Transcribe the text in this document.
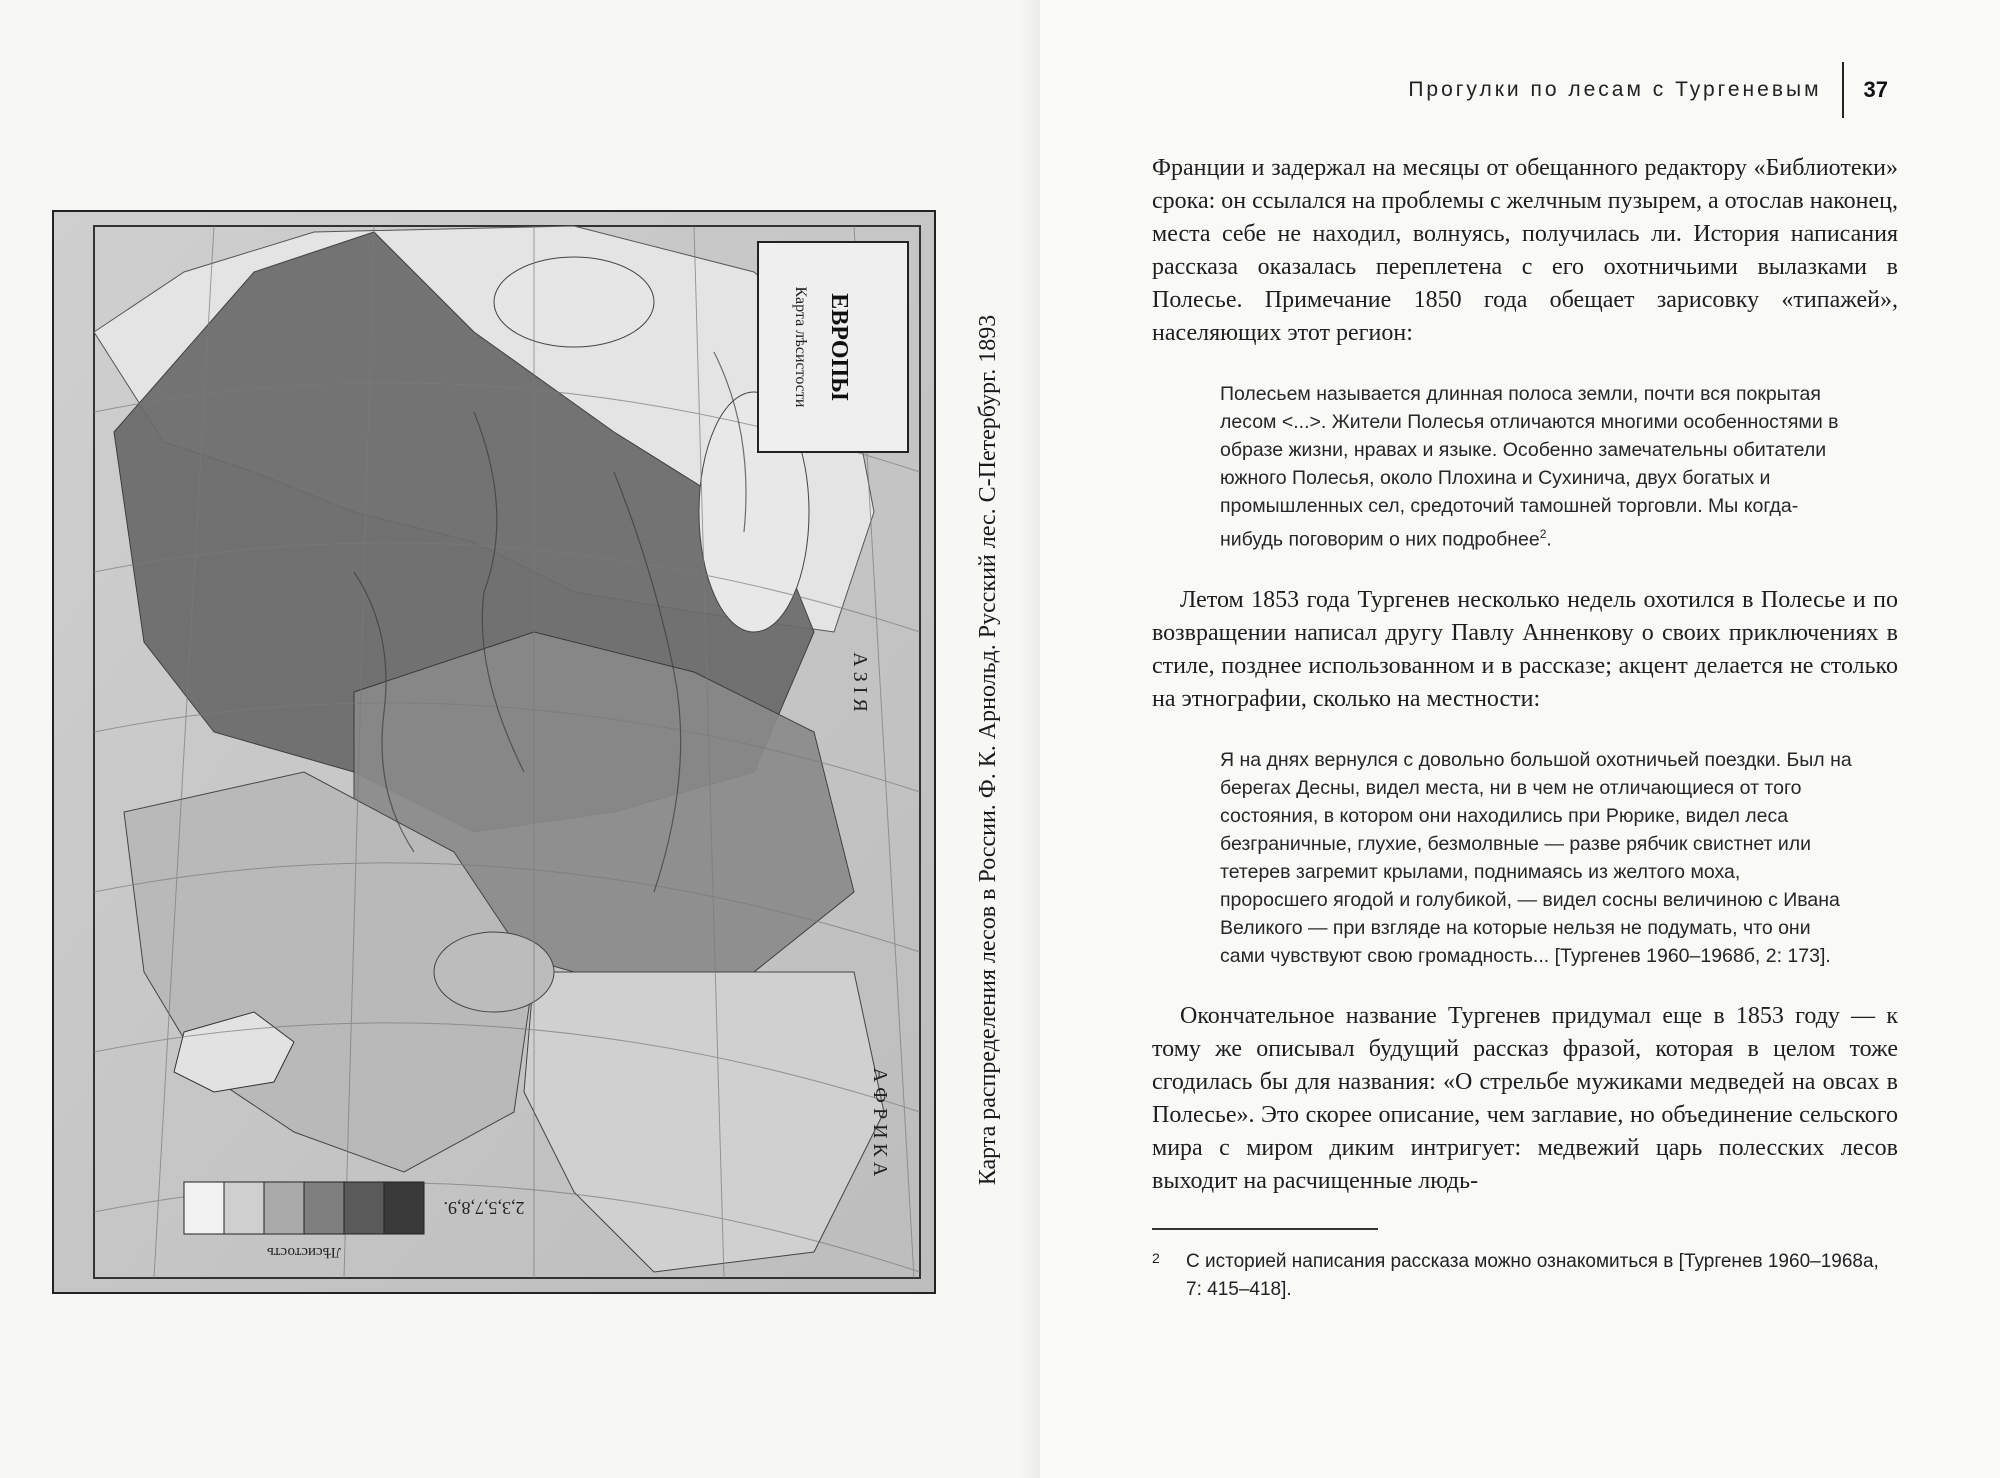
Карта лѣсистости ЕВРОПЫ
А З І Я
А Ф Р И К А
Лѣсистость
2,3,5,7,8,9.
Карта распределения лесов в России. Ф. К. Арнольд. Русский лес. С-Петербург. 1893
Прогулки по лесам с Тургеневым 37

Франции и задержал на месяцы от обещанного редактору «Библиотеки» срока: он ссылался на проблемы с желчным пузырем, а отослав наконец, места себе не находил, волнуясь, получилась ли. История написания рассказа оказалась переплетена с его охотничьими вылазками в Полесье. Примечание 1850 года обещает зарисовку «типажей», населяющих этот регион:

Полесьем называется длинная полоса земли, почти вся покрытая лесом <...>. Жители Полесья отличаются многими особенностями в образе жизни, нравах и языке. Особенно замечательны обитатели южного Полесья, около Плохина и Сухинича, двух богатых и промышленных сел, средоточий тамошней торговли. Мы когда-нибудь поговорим о них подробнее$^2$.

Летом 1853 года Тургенев несколько недель охотился в Полесье и по возвращении написал другу Павлу Анненкову о своих приключениях в стиле, позднее использованном и в рассказе; акцент делается не столько на этнографии, сколько на местности:

Я на днях вернулся с довольно большой охотничьей поездки. Был на берегах Десны, видел места, ни в чем не отличающиеся от того состояния, в котором они находились при Рюрике, видел леса безграничные, глухие, безмолвные — разве рябчик свистнет или тетерев загремит крылами, поднимаясь из желтого моха, проросшего ягодой и голубикой, — видел сосны величиною с Ивана Великого — при взгляде на которые нельзя не подумать, что они сами чувствуют свою громадность... [Тургенев 1960–1968б, 2: 173].

Окончательное название Тургенев придумал еще в 1853 году — к тому же описывал будущий рассказ фразой, которая в целом тоже сгодилась бы для названия: «О стрельбе мужиками медведей на овсах в Полесье». Это скорее описание, чем заглавие, но объединение сельского мира с миром диким интригует: медвежий царь полесских лесов выходит на расчищенные людь-

2	С историей написания рассказа можно ознакомиться в [Тургенев 1960–1968а, 7: 415–418].
